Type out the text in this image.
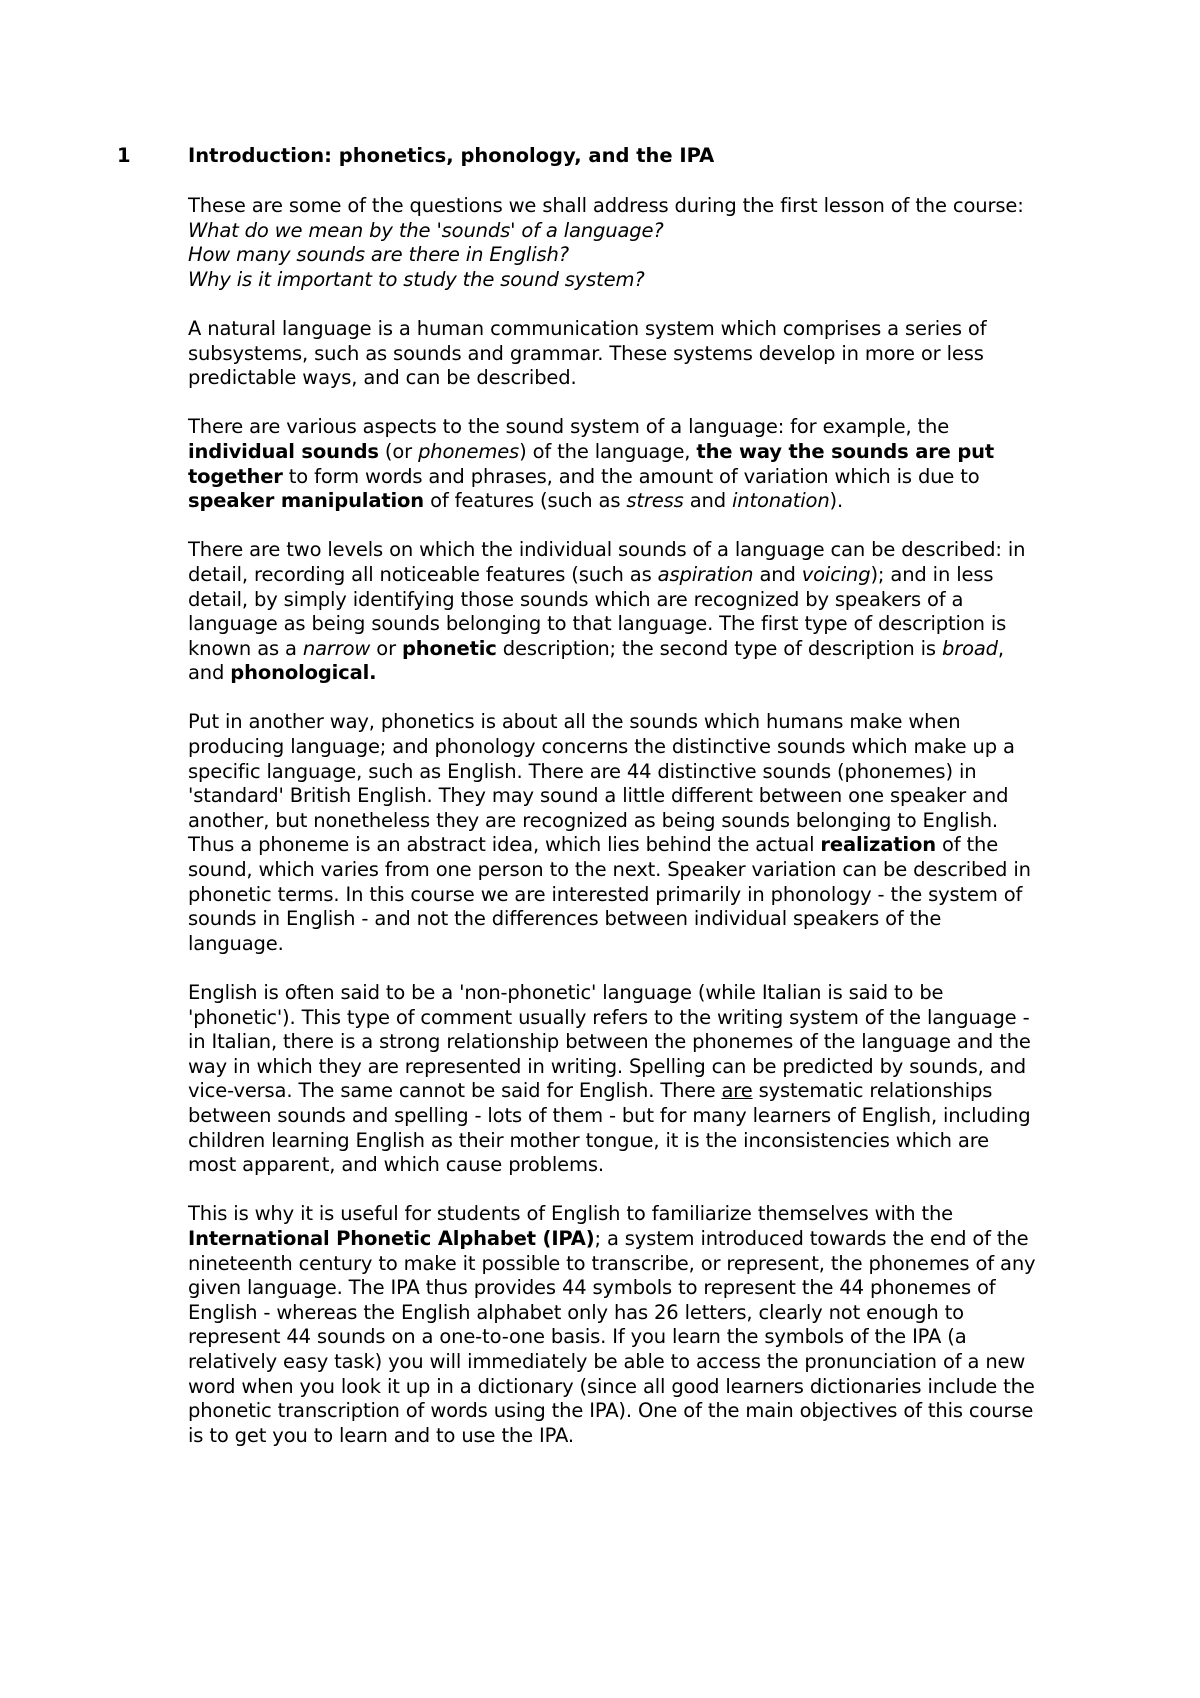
1	Introduction: phonetics, phonology, and the IPA

These are some of the questions we shall address during the first lesson of the course:
What do we mean by the 'sounds' of a language?
How many sounds are there in English?
Why is it important to study the sound system?

A natural language is a human communication system which comprises a series of
subsystems, such as sounds and grammar. These systems develop in more or less
predictable ways, and can be described.

There are various aspects to the sound system of a language: for example, the
individual sounds (or phonemes) of the language, the way the sounds are put
together to form words and phrases, and the amount of variation which is due to
speaker manipulation of features (such as stress and intonation).

There are two levels on which the individual sounds of a language can be described: in
detail, recording all noticeable features (such as aspiration and voicing); and in less
detail, by simply identifying those sounds which are recognized by speakers of a
language as being sounds belonging to that language. The first type of description is
known as a narrow or phonetic description; the second type of description is broad,
and phonological.

Put in another way, phonetics is about all the sounds which humans make when
producing language; and phonology concerns the distinctive sounds which make up a
specific language, such as English. There are 44 distinctive sounds (phonemes) in
'standard' British English. They may sound a little different between one speaker and
another, but nonetheless they are recognized as being sounds belonging to English.
Thus a phoneme is an abstract idea, which lies behind the actual realization of the
sound, which varies from one person to the next. Speaker variation can be described in
phonetic terms. In this course we are interested primarily in phonology - the system of
sounds in English - and not the differences between individual speakers of the
language.

English is often said to be a 'non-phonetic' language (while Italian is said to be
'phonetic'). This type of comment usually refers to the writing system of the language -
in Italian, there is a strong relationship between the phonemes of the language and the
way in which they are represented in writing. Spelling can be predicted by sounds, and
vice-versa. The same cannot be said for English. There are systematic relationships
between sounds and spelling - lots of them - but for many learners of English, including
children learning English as their mother tongue, it is the inconsistencies which are
most apparent, and which cause problems.

This is why it is useful for students of English to familiarize themselves with the
International Phonetic Alphabet (IPA); a system introduced towards the end of the
nineteenth century to make it possible to transcribe, or represent, the phonemes of any
given language. The IPA thus provides 44 symbols to represent the 44 phonemes of
English - whereas the English alphabet only has 26 letters, clearly not enough to
represent 44 sounds on a one-to-one basis. If you learn the symbols of the IPA (a
relatively easy task) you will immediately be able to access the pronunciation of a new
word when you look it up in a dictionary (since all good learners dictionaries include the
phonetic transcription of words using the IPA). One of the main objectives of this course
is to get you to learn and to use the IPA.
